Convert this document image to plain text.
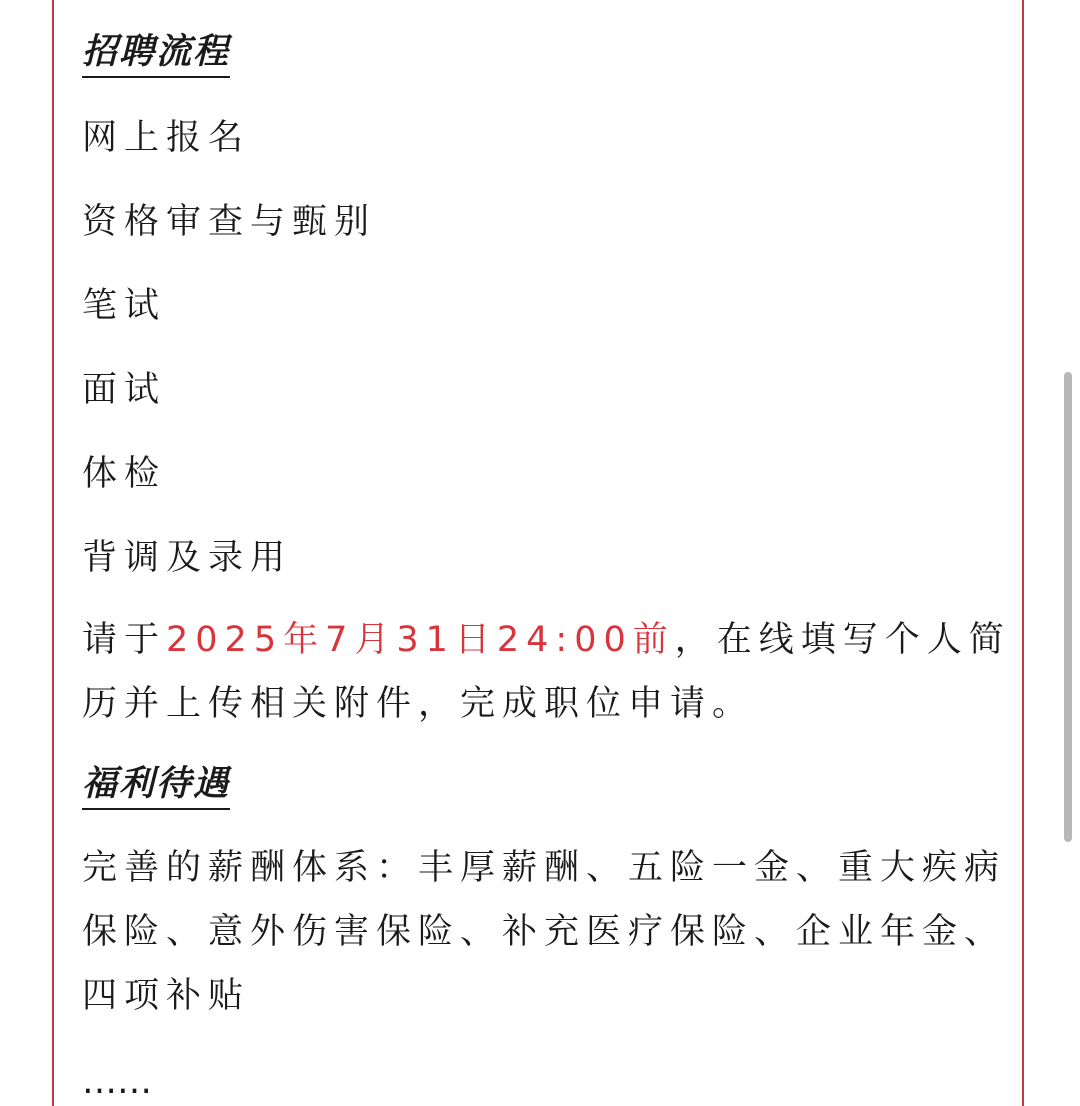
招聘流程
网上报名
资格审查与甄别
笔试
面试
体检
背调及录用
请于2025年7月31日24:00前，在线填写个人简
历并上传相关附件，完成职位申请。
福利待遇
完善的薪酬体系：丰厚薪酬、五险一金、重大疾病
保险、意外伤害保险、补充医疗保险、企业年金、
四项补贴
……
